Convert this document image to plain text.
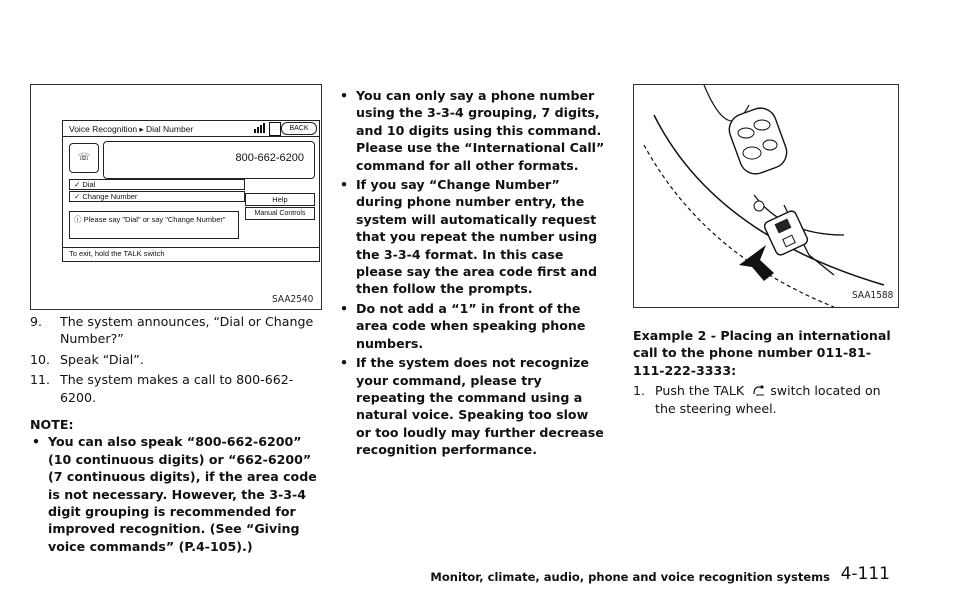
Voice Recognition ▸ Dial Number	BACK
☏	800-662-6200
✓ Dial
✓ Change Number	Help
Manual Controls
ⓘ Please say "Dial" or say "Change Number"
To exit, hold the TALK switch
SAA2540

9. The system announces, “Dial or Change Number?”

10. Speak “Dial”.

11. The system makes a call to 800-662-6200.

NOTE:

• You can also speak “800-662-6200” (10 continuous digits) or “662-6200” (7 continuous digits), if the area code is not necessary. However, the 3-3-4 digit grouping is recommended for improved recognition. (See “Giving voice commands” (P.4-105).)

• You can only say a phone number using the 3-3-4 grouping, 7 digits, and 10 digits using this command. Please use the “International Call” command for all other formats.

• If you say “Change Number” during phone number entry, the system will automatically request that you repeat the number using the 3-3-4 format. In this case please say the area code first and then follow the prompts.

• Do not add a “1” in front of the area code when speaking phone numbers.

• If the system does not recognize your command, please try repeating the command using a natural voice. Speaking too slow or too loudly may further decrease recognition performance.

SAA1588

Example 2 - Placing an international call to the phone number 011-81-111-222-3333:

1. Push the TALK switch located on the steering wheel.

Monitor, climate, audio, phone and voice recognition systems 4-111
